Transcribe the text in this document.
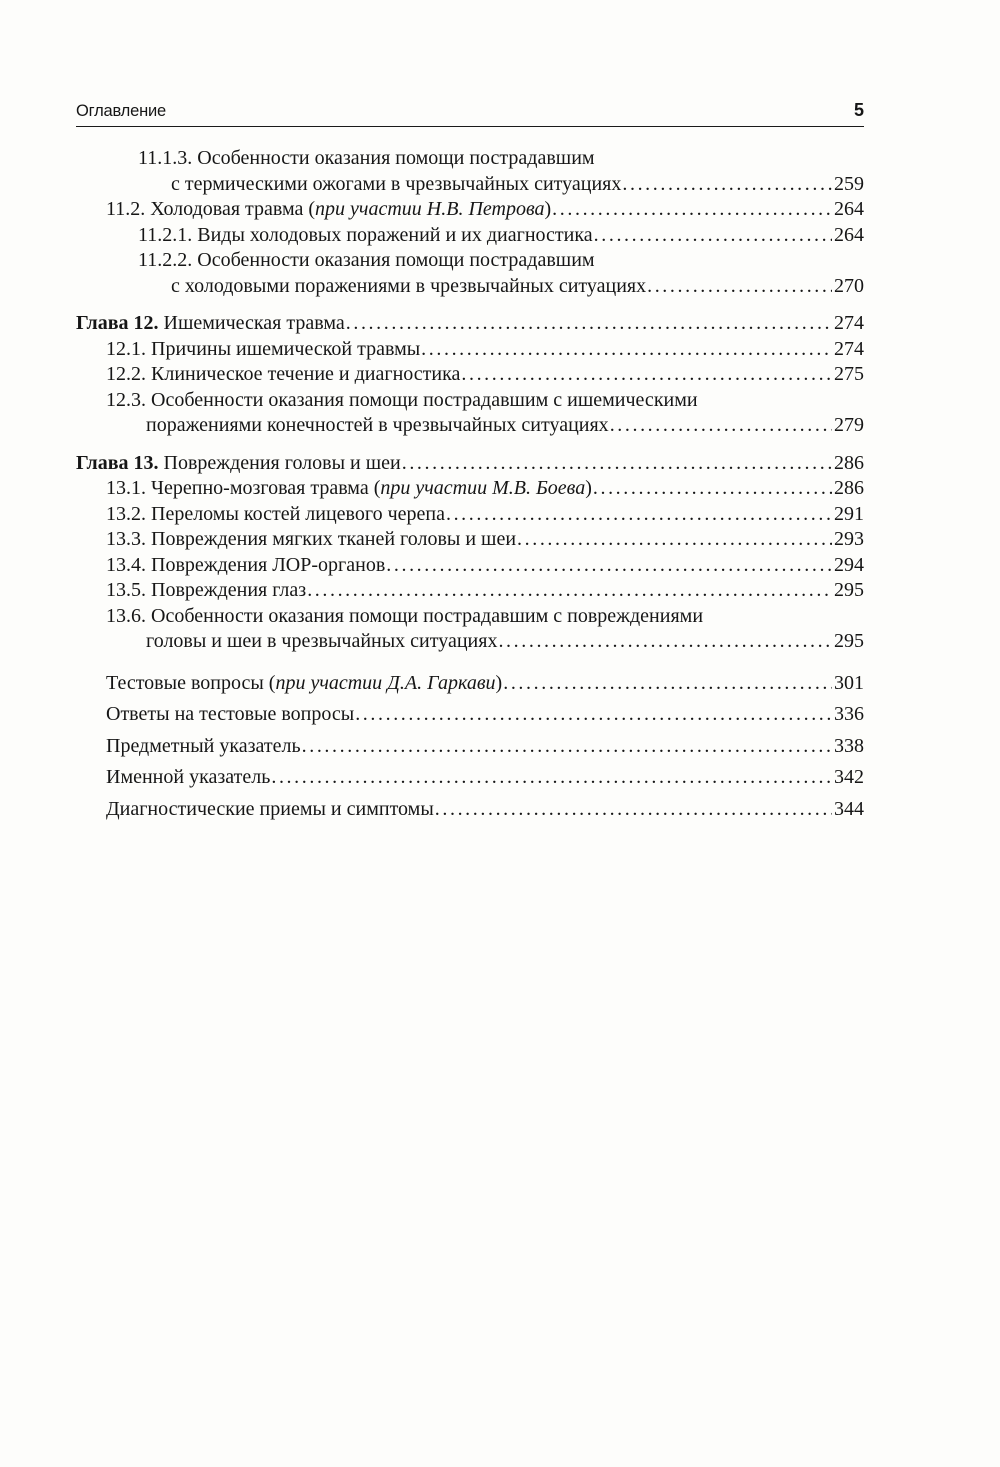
Оглавление	5
11.1.3. Особенности оказания помощи пострадавшим
с термическими ожогами в чрезвычайных ситуациях .....	259
11.2. Холодовая травма (при участии Н.В. Петрова) .....	264
11.2.1. Виды холодовых поражений и их диагностика .....	264
11.2.2. Особенности оказания помощи пострадавшим
с холодовыми поражениями в чрезвычайных ситуациях .....	270
Глава 12. Ишемическая травма .....	274
12.1. Причины ишемической травмы .....	274
12.2. Клиническое течение и диагностика .....	275
12.3. Особенности оказания помощи пострадавшим с ишемическими
поражениями конечностей в чрезвычайных ситуациях .....	279
Глава 13. Повреждения головы и шеи .....	286
13.1. Черепно-мозговая травма (при участии М.В. Боева) .....	286
13.2. Переломы костей лицевого черепа .....	291
13.3. Повреждения мягких тканей головы и шеи .....	293
13.4. Повреждения ЛОР-органов .....	294
13.5. Повреждения глаз .....	295
13.6. Особенности оказания помощи пострадавшим с повреждениями
головы и шеи в чрезвычайных ситуациях .....	295
Тестовые вопросы (при участии Д.А. Гаркави) .....	301
Ответы на тестовые вопросы .....	336
Предметный указатель .....	338
Именной указатель .....	342
Диагностические приемы и симптомы .....	344
